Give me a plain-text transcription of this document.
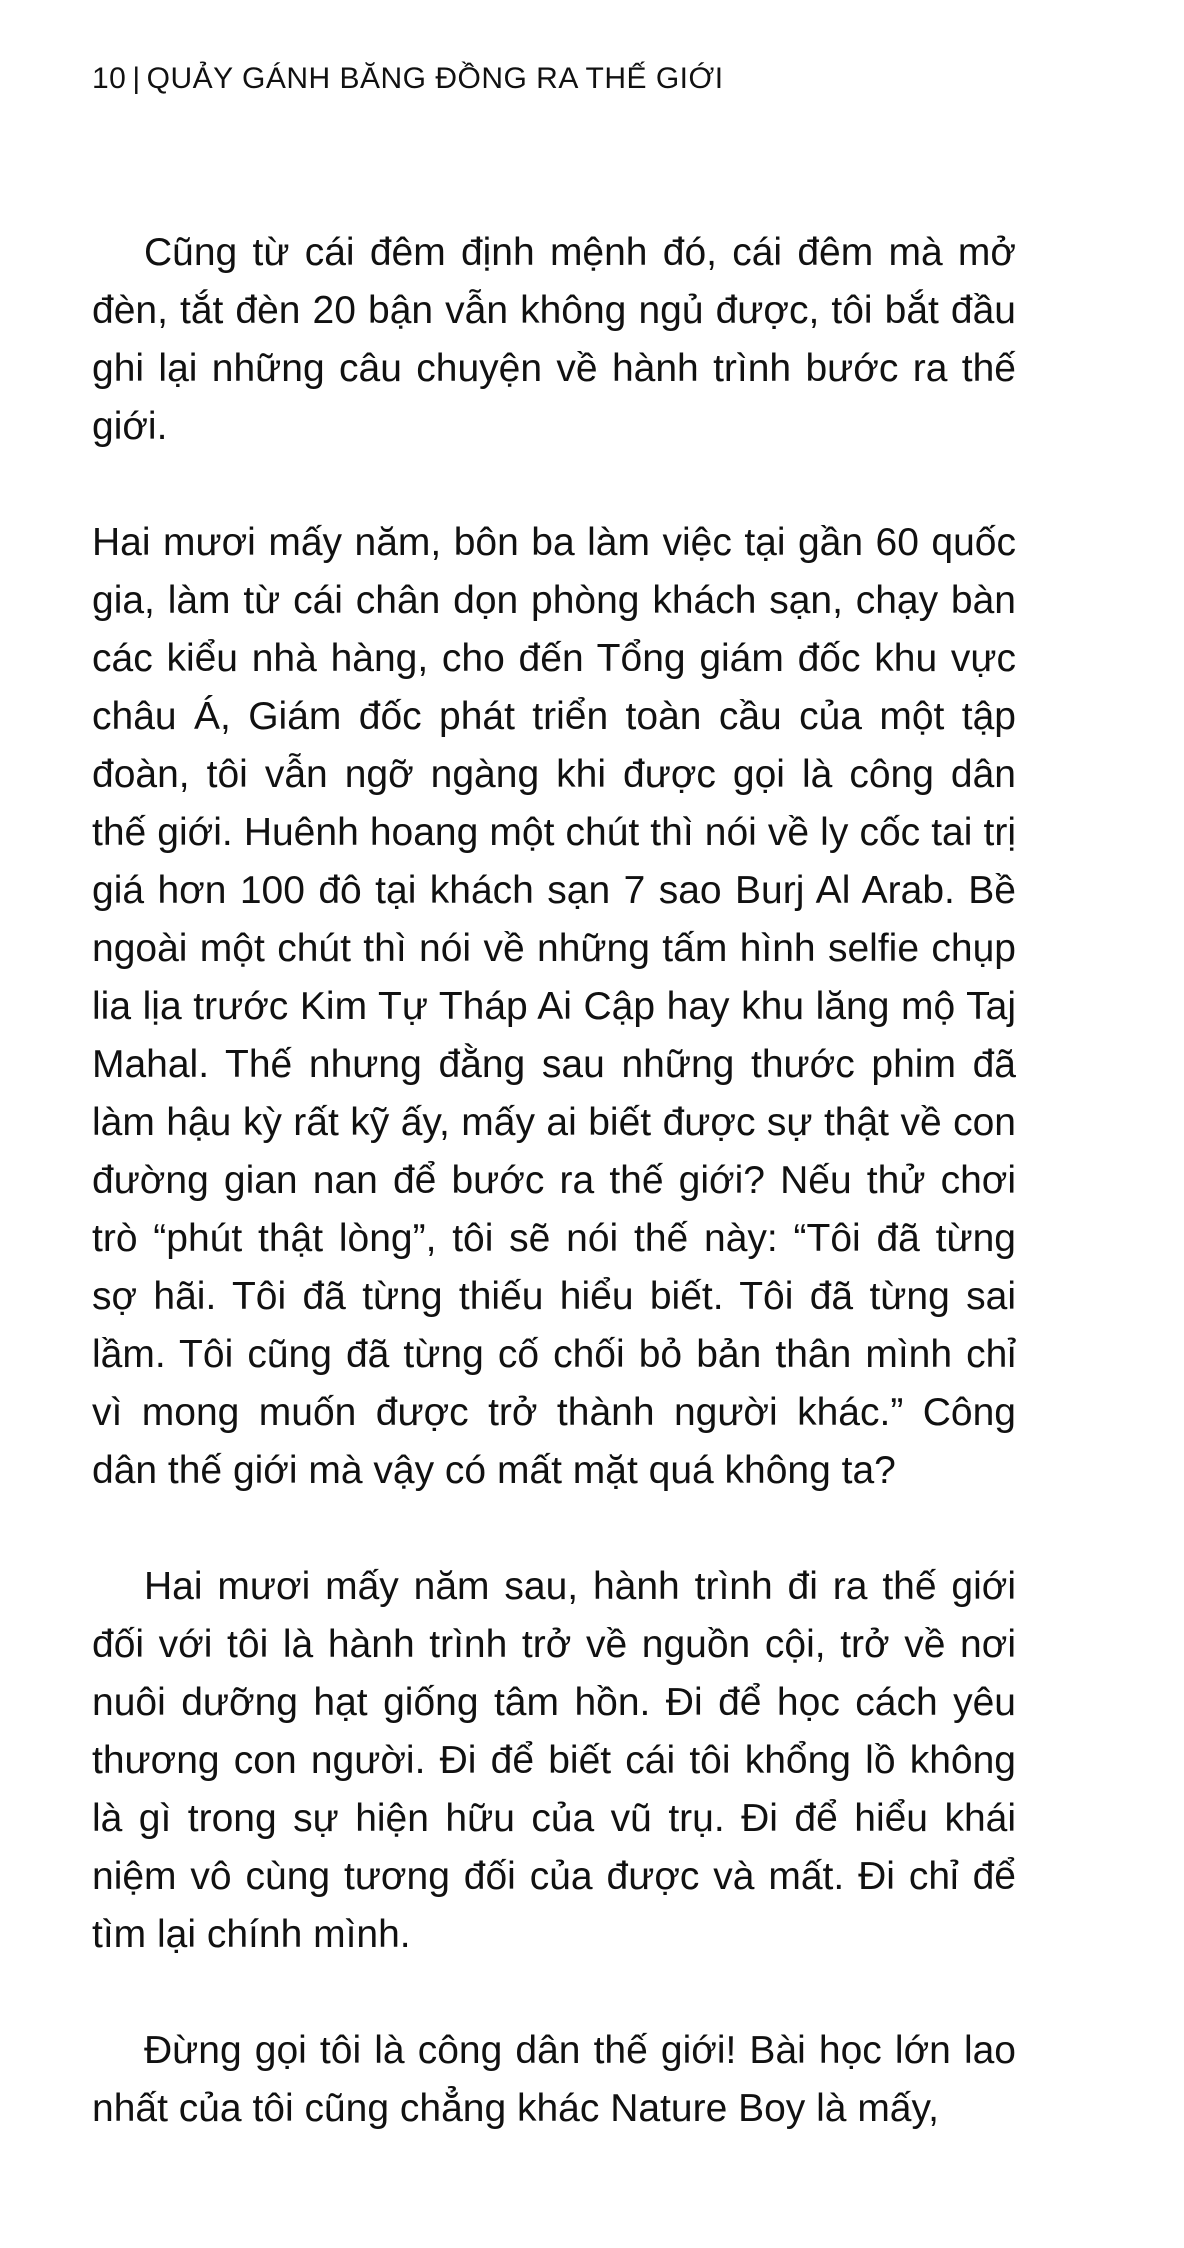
10 | QUẢY GÁNH BĂNG ĐỒNG RA THẾ GIỚI

Cũng từ cái đêm định mệnh đó, cái đêm mà mở đèn, tắt đèn 20 bận vẫn không ngủ được, tôi bắt đầu ghi lại những câu chuyện về hành trình bước ra thế giới.

Hai mươi mấy năm, bôn ba làm việc tại gần 60 quốc gia, làm từ cái chân dọn phòng khách sạn, chạy bàn các kiểu nhà hàng, cho đến Tổng giám đốc khu vực châu Á, Giám đốc phát triển toàn cầu của một tập đoàn, tôi vẫn ngỡ ngàng khi được gọi là công dân thế giới. Huênh hoang một chút thì nói về ly cốc tai trị giá hơn 100 đô tại khách sạn 7 sao Burj Al Arab. Bề ngoài một chút thì nói về những tấm hình selfie chụp lia lịa trước Kim Tự Tháp Ai Cập hay khu lăng mộ Taj Mahal. Thế nhưng đằng sau những thước phim đã làm hậu kỳ rất kỹ ấy, mấy ai biết được sự thật về con đường gian nan để bước ra thế giới? Nếu thử chơi trò “phút thật lòng”, tôi sẽ nói thế này: “Tôi đã từng sợ hãi. Tôi đã từng thiếu hiểu biết. Tôi đã từng sai lầm. Tôi cũng đã từng cố chối bỏ bản thân mình chỉ vì mong muốn được trở thành người khác.” Công dân thế giới mà vậy có mất mặt quá không ta?

Hai mươi mấy năm sau, hành trình đi ra thế giới đối với tôi là hành trình trở về nguồn cội, trở về nơi nuôi dưỡng hạt giống tâm hồn. Đi để học cách yêu thương con người. Đi để biết cái tôi khổng lồ không là gì trong sự hiện hữu của vũ trụ. Đi để hiểu khái niệm vô cùng tương đối của được và mất. Đi chỉ để tìm lại chính mình.

Đừng gọi tôi là công dân thế giới! Bài học lớn lao nhất của tôi cũng chẳng khác Nature Boy là mấy,
